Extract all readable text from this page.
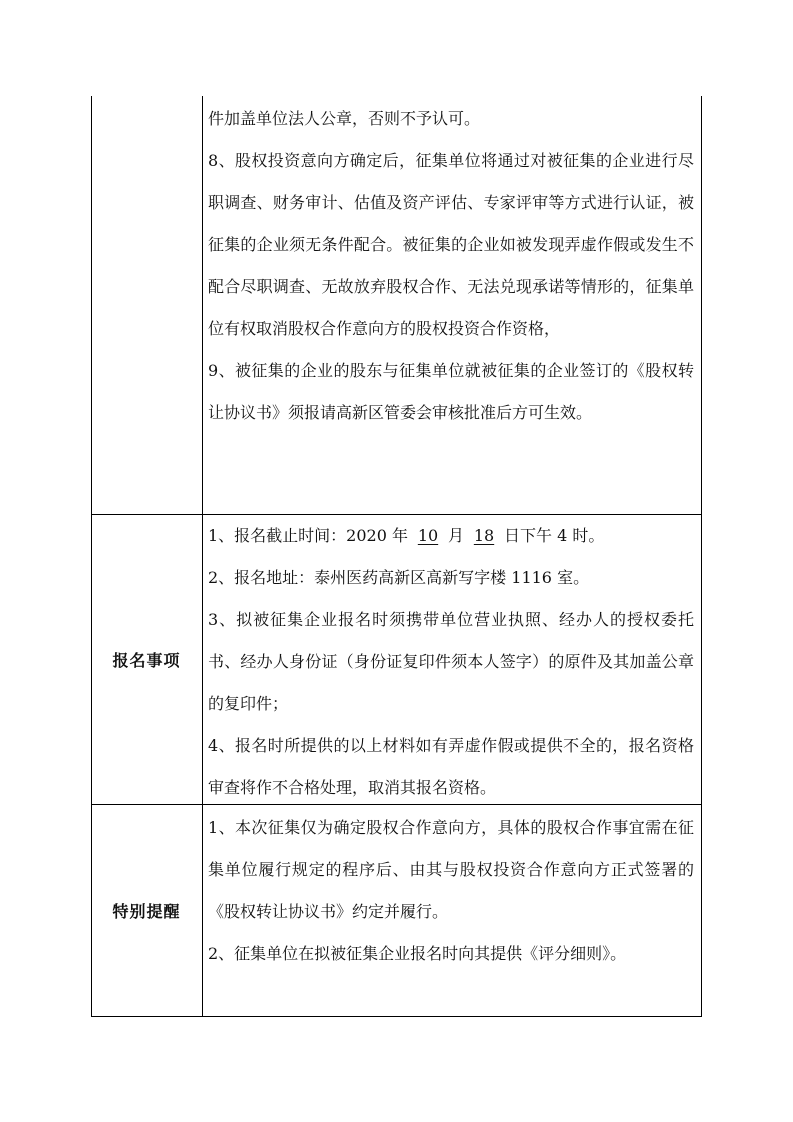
件加盖单位法人公章，否则不予认可。

8、股权投资意向方确定后，征集单位将通过对被征集的企业进行尽职调查、财务审计、估值及资产评估、专家评审等方式进行认证，被征集的企业须无条件配合。被征集的企业如被发现弄虚作假或发生不配合尽职调查、无故放弃股权合作、无法兑现承诺等情形的，征集单位有权取消股权合作意向方的股权投资合作资格，

9、被征集的企业的股东与征集单位就被征集的企业签订的《股权转让协议书》须报请高新区管委会审核批准后方可生效。

报名事项

1、报名截止时间：2020 年 10 月 18 日下午 4 时。

2、报名地址：泰州医药高新区高新写字楼 1116 室。

3、拟被征集企业报名时须携带单位营业执照、经办人的授权委托书、经办人身份证（身份证复印件须本人签字）的原件及其加盖公章的复印件；

4、报名时所提供的以上材料如有弄虚作假或提供不全的，报名资格审查将作不合格处理，取消其报名资格。

特别提醒

1、本次征集仅为确定股权合作意向方，具体的股权合作事宜需在征集单位履行规定的程序后、由其与股权投资合作意向方正式签署的《股权转让协议书》约定并履行。

2、征集单位在拟被征集企业报名时向其提供《评分细则》。
